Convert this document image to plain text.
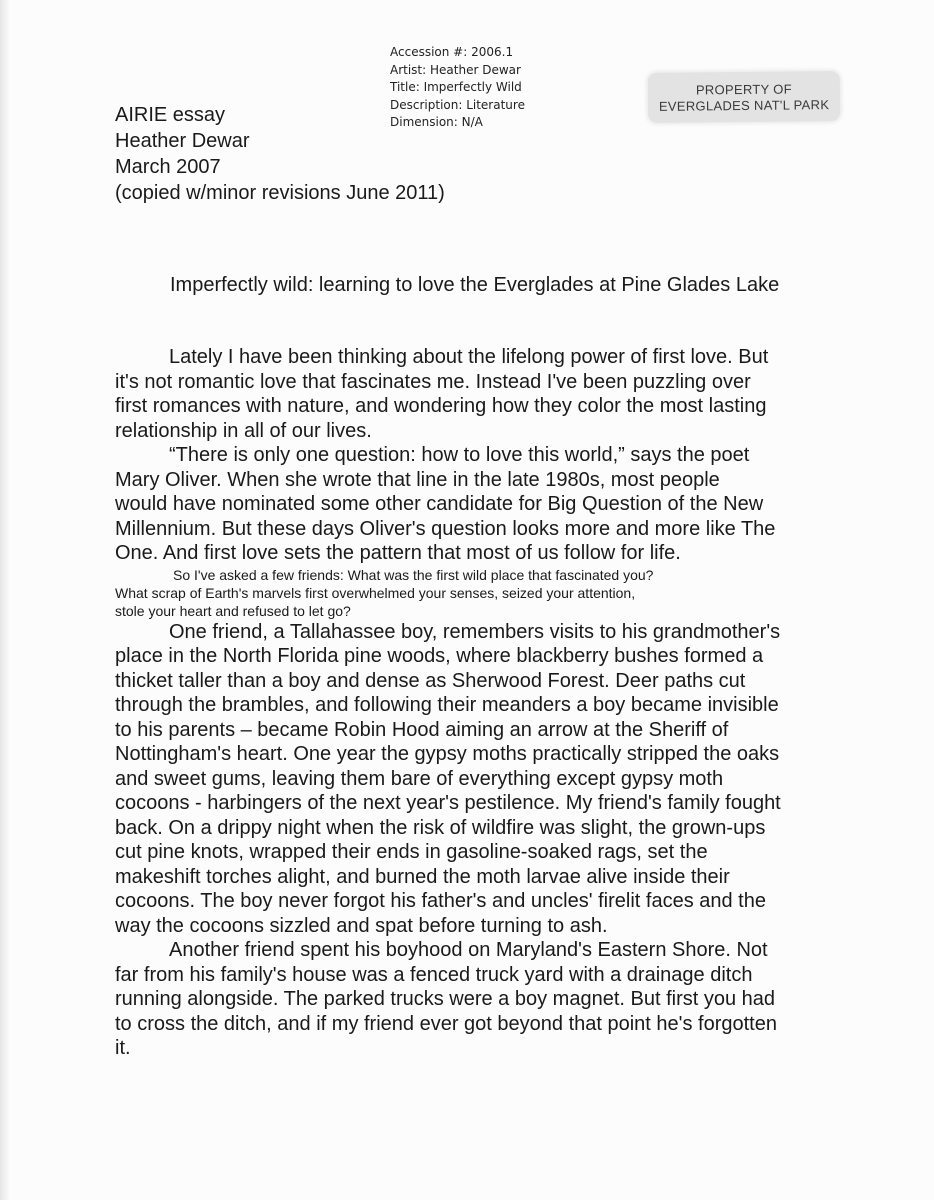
Accession #: 2006.1
Artist: Heather Dewar
Title: Imperfectly Wild
Description: Literature
Dimension: N/A
PROPERTY OF
EVERGLADES NAT'L PARK
AIRIE essay
Heather Dewar
March 2007
(copied w/minor revisions June 2011)
Imperfectly wild: learning to love the Everglades at Pine Glades Lake
Lately I have been thinking about the lifelong power of first love. But
it's not romantic love that fascinates me. Instead I've been puzzling over
first romances with nature, and wondering how they color the most lasting
relationship in all of our lives.
“There is only one question: how to love this world,” says the poet
Mary Oliver. When she wrote that line in the late 1980s, most people
would have nominated some other candidate for Big Question of the New
Millennium. But these days Oliver's question looks more and more like The
One. And first love sets the pattern that most of us follow for life.
So I've asked a few friends: What was the first wild place that fascinated you?
What scrap of Earth's marvels first overwhelmed your senses, seized your attention,
stole your heart and refused to let go?
One friend, a Tallahassee boy, remembers visits to his grandmother's
place in the North Florida pine woods, where blackberry bushes formed a
thicket taller than a boy and dense as Sherwood Forest. Deer paths cut
through the brambles, and following their meanders a boy became invisible
to his parents – became Robin Hood aiming an arrow at the Sheriff of
Nottingham's heart. One year the gypsy moths practically stripped the oaks
and sweet gums, leaving them bare of everything except gypsy moth
cocoons - harbingers of the next year's pestilence. My friend's family fought
back. On a drippy night when the risk of wildfire was slight, the grown-ups
cut pine knots, wrapped their ends in gasoline-soaked rags, set the
makeshift torches alight, and burned the moth larvae alive inside their
cocoons. The boy never forgot his father's and uncles' firelit faces and the
way the cocoons sizzled and spat before turning to ash.
Another friend spent his boyhood on Maryland's Eastern Shore. Not
far from his family's house was a fenced truck yard with a drainage ditch
running alongside. The parked trucks were a boy magnet. But first you had
to cross the ditch, and if my friend ever got beyond that point he's forgotten
it.
